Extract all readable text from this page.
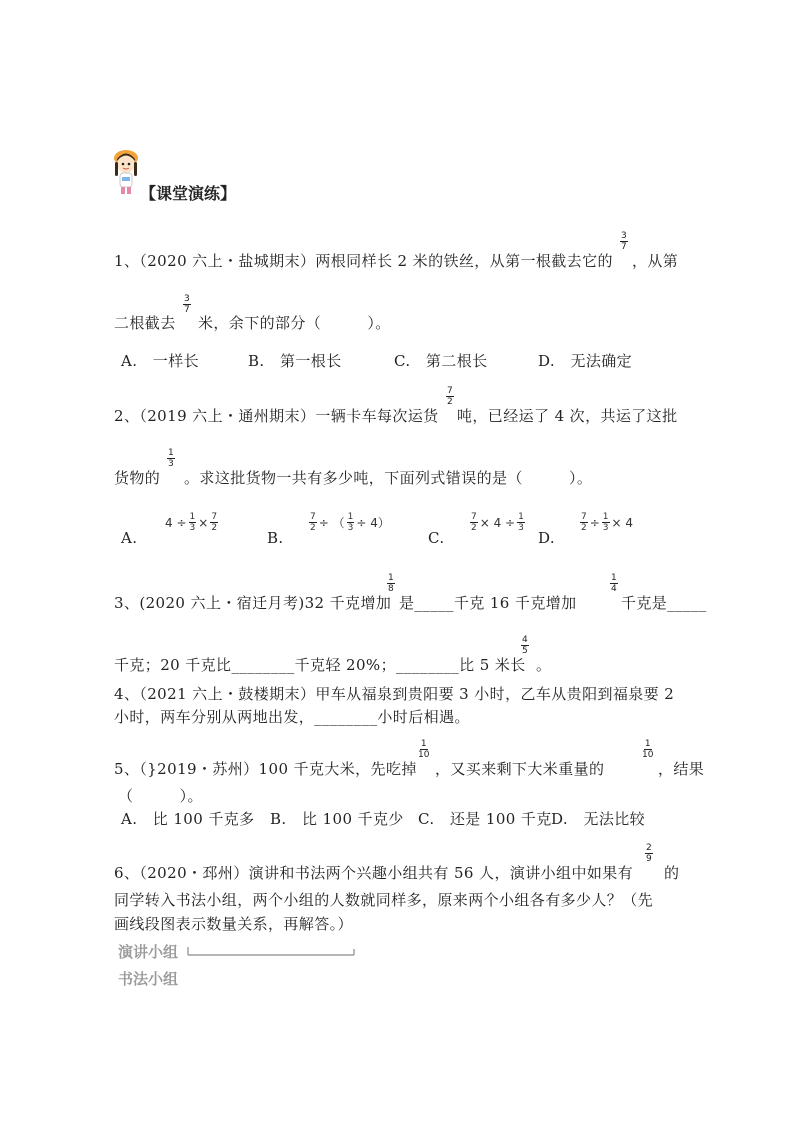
【课堂演练】
1、（2020 六上・盐城期末）两根同样长 2 米的铁丝，从第一根截去它的
$\frac{3}{7}$
，从第
二根截去
$\frac{3}{7}$
米，余下的部分（　　　）。
A.　一样长	B.　第一根长	C.　第二根长	D.　无法确定
2、（2019 六上・通州期末）一辆卡车每次运货
$\frac{7}{2}$
吨，已经运了 4 次，共运了这批
货物的
$\frac{1}{3}$
。求这批货物一共有多少吨，下面列式错误的是（　　　）。
A.
$4 \div \frac{1}{3} \times \frac{7}{2}$
B.
$\frac{7}{2}$ ÷ （ $\frac{1}{3} \div 4$）
C.
$\frac{7}{2} \times 4 \div \frac{1}{3}$
D.
$\frac{7}{2} \div \frac{1}{3} \times 4$
3、(2020 六上・宿迁月考)32 千克增加
$\frac{1}{8}$
是_____千克 16 千克增加
$\frac{1}{4}$
千克是_____
千克；20 千克比________千克轻 20%；________比 5 米长
$\frac{4}{5}$
。
4、（2021 六上・鼓楼期末）甲车从福泉到贵阳要 3 小时，乙车从贵阳到福泉要 2
小时，两车分别从两地出发，________小时后相遇。
5、（}2019・苏州）100 千克大米，先吃掉
$\frac{1}{10}$
，又买来剩下大米重量的
$\frac{1}{10}$
，结果
（　　　）。
A.　比 100 千克多 B.　比 100 千克少 C.　还是 100 千克 D.　无法比较
6、（2020・邳州）演讲和书法两个兴趣小组共有 56 人，演讲小组中如果有
$\frac{2}{9}$
的
同学转入书法小组，两个小组的人数就同样多，原来两个小组各有多少人？（先
画线段图表示数量关系，再解答。）
演讲小组
书法小组
